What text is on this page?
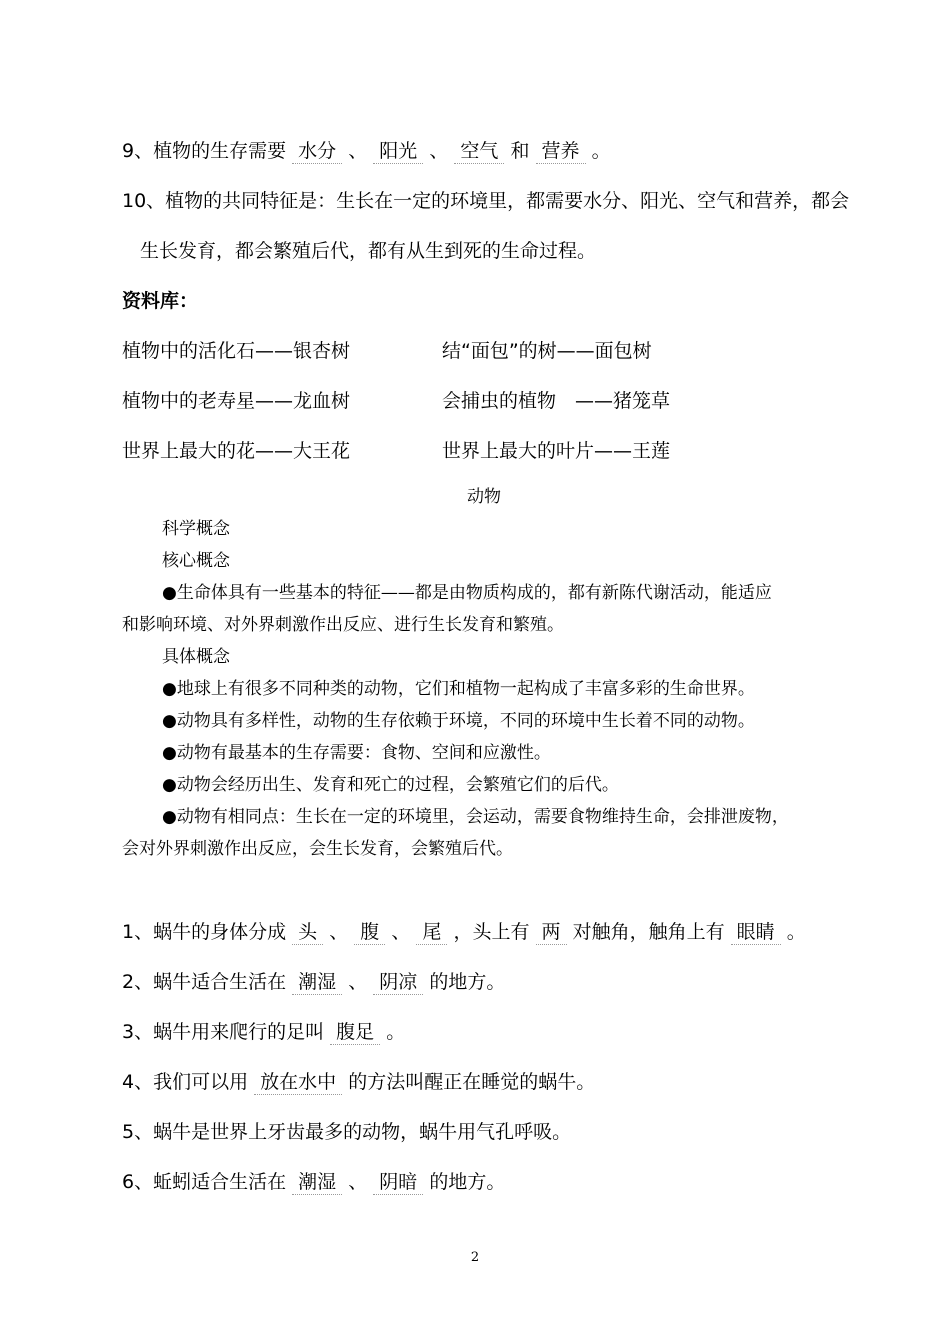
9、植物的生存需要 水分 、 阳光 、 空气 和 营养 。
10、植物的共同特征是：生长在一定的环境里，都需要水分、阳光、空气和营养，都会
生长发育，都会繁殖后代，都有从生到死的生命过程。
资料库：
植物中的活化石——银杏树	结“面包”的树——面包树
植物中的老寿星——龙血树	会捕虫的植物　——猪笼草
世界上最大的花——大王花	世界上最大的叶片——王莲
动物
科学概念
核心概念
●生命体具有一些基本的特征——都是由物质构成的，都有新陈代谢活动，能适应
和影响环境、对外界刺激作出反应、进行生长发育和繁殖。
具体概念
●地球上有很多不同种类的动物，它们和植物一起构成了丰富多彩的生命世界。
●动物具有多样性，动物的生存依赖于环境，不同的环境中生长着不同的动物。
●动物有最基本的生存需要：食物、空间和应激性。
●动物会经历出生、发育和死亡的过程，会繁殖它们的后代。
●动物有相同点：生长在一定的环境里，会运动，需要食物维持生命，会排泄废物，
会对外界刺激作出反应，会生长发育，会繁殖后代。
1、蜗牛的身体分成 头 、 腹 、 尾 ，头上有 两 对触角，触角上有 眼睛 。
2、蜗牛适合生活在 潮湿 、 阴凉 的地方。
3、蜗牛用来爬行的足叫 腹足 。
4、我们可以用 放在水中 的方法叫醒正在睡觉的蜗牛。
5、蜗牛是世界上牙齿最多的动物，蜗牛用气孔呼吸。
6、蚯蚓适合生活在 潮湿 、 阴暗 的地方。
2
